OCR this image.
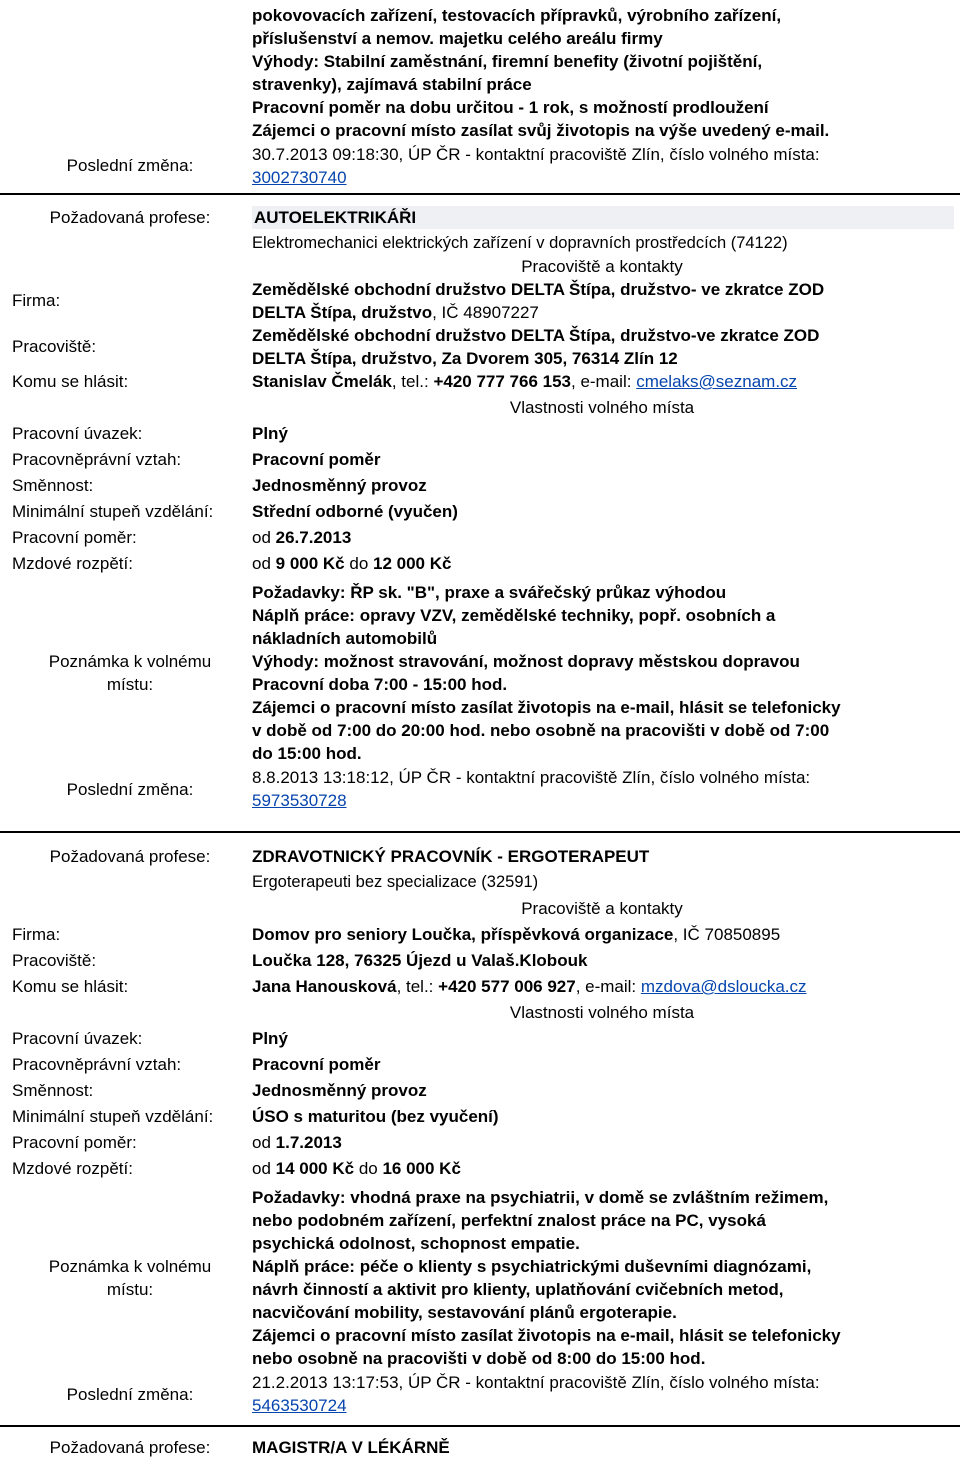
pokovovacích zařízení, testovacích přípravků, výrobního zařízení,
příslušenství a nemov. majetku celého areálu firmy
Výhody: Stabilní zaměstnání, firemní benefity (životní pojištění,
stravenky), zajímavá stabilní práce
Pracovní poměr na dobu určitou - 1 rok, s možností prodloužení
Zájemci o pracovní místo zasílat svůj životopis na výše uvedený e-mail.
Poslední změna:
30.7.2013 09:18:30, ÚP ČR - kontaktní pracoviště Zlín, číslo volného místa:
3002730740
Požadovaná profese:	AUTOELEKTRIKÁŘI
Elektromechanici elektrických zařízení v dopravních prostředcích (74122)
Pracoviště a kontakty
Firma:
Zemědělské obchodní družstvo DELTA Štípa, družstvo- ve zkratce ZOD
DELTA Štípa, družstvo, IČ 48907227
Pracoviště:
Zemědělské obchodní družstvo DELTA Štípa, družstvo-ve zkratce ZOD
DELTA Štípa, družstvo, Za Dvorem 305, 76314 Zlín 12
Komu se hlásit:	Stanislav Čmelák, tel.: +420 777 766 153, e-mail: cmelaks@seznam.cz
Vlastnosti volného místa
Pracovní úvazek:	Plný
Pracovněprávní vztah:	Pracovní poměr
Směnnost:	Jednosměnný provoz
Minimální stupeň vzdělání:	Střední odborné (vyučen)
Pracovní poměr:	od 26.7.2013
Mzdové rozpětí:	od 9 000 Kč do 12 000 Kč
Poznámka k volnému
místu:
Požadavky: ŘP sk. "B", praxe a svářečský průkaz výhodou
Náplň práce: opravy VZV, zemědělské techniky, popř. osobních a
nákladních automobilů
Výhody: možnost stravování, možnost dopravy městskou dopravou
Pracovní doba 7:00 - 15:00 hod.
Zájemci o pracovní místo zasílat životopis na e-mail, hlásit se telefonicky
v době od 7:00 do 20:00 hod. nebo osobně na pracovišti v době od 7:00
do 15:00 hod.
Poslední změna:
8.8.2013 13:18:12, ÚP ČR - kontaktní pracoviště Zlín, číslo volného místa:
5973530728
Požadovaná profese:	ZDRAVOTNICKÝ PRACOVNÍK - ERGOTERAPEUT
Ergoterapeuti bez specializace (32591)
Pracoviště a kontakty
Firma:	Domov pro seniory Loučka, příspěvková organizace, IČ 70850895
Pracoviště:	Loučka 128, 76325 Újezd u Valaš.Klobouk
Komu se hlásit:	Jana Hanousková, tel.: +420 577 006 927, e-mail: mzdova@dsloucka.cz
Vlastnosti volného místa
Pracovní úvazek:	Plný
Pracovněprávní vztah:	Pracovní poměr
Směnnost:	Jednosměnný provoz
Minimální stupeň vzdělání:	ÚSO s maturitou (bez vyučení)
Pracovní poměr:	od 1.7.2013
Mzdové rozpětí:	od 14 000 Kč do 16 000 Kč
Poznámka k volnému
místu:
Požadavky: vhodná praxe na psychiatrii, v domě se zvláštním režimem,
nebo podobném zařízení, perfektní znalost práce na PC, vysoká
psychická odolnost, schopnost empatie.
Náplň práce: péče o klienty s psychiatrickými duševními diagnózami,
návrh činností a aktivit pro klienty, uplatňování cvičebních metod,
nacvičování mobility, sestavování plánů ergoterapie.
Zájemci o pracovní místo zasílat životopis na e-mail, hlásit se telefonicky
nebo osobně na pracovišti v době od 8:00 do 15:00 hod.
Poslední změna:
21.2.2013 13:17:53, ÚP ČR - kontaktní pracoviště Zlín, číslo volného místa:
5463530724
Požadovaná profese:	MAGISTR/A V LÉKÁRNĚ
